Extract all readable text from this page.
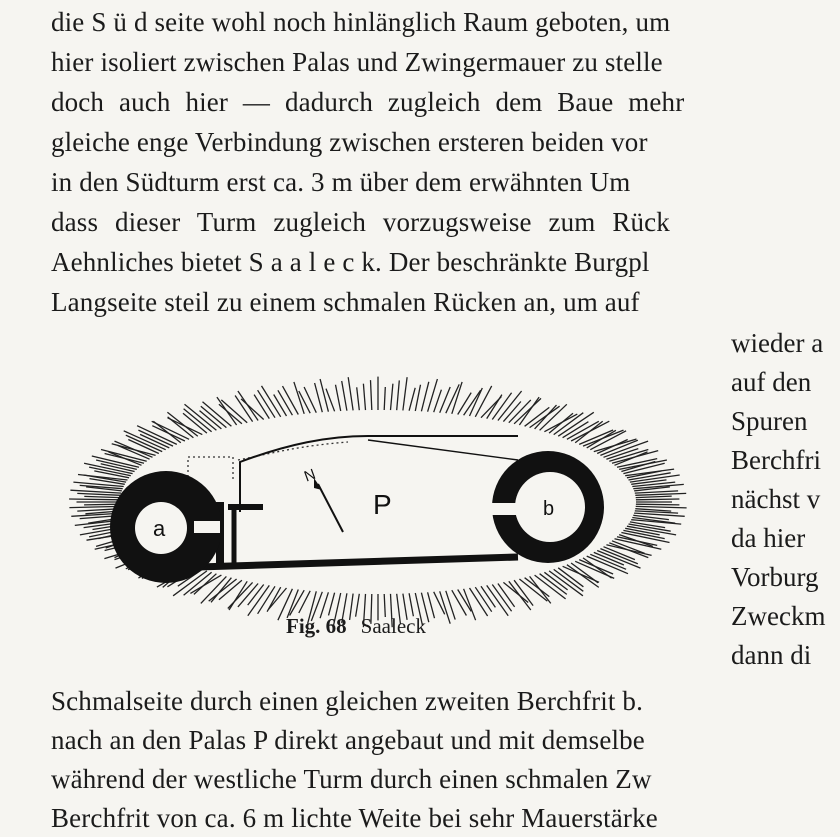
die S ü d seite wohl noch hinlänglich Raum geboten, um
hier isoliert zwischen Palas und Zwingermauer zu stelle
doch auch hier — dadurch zugleich dem Baue mehr
gleiche enge Verbindung zwischen ersteren beiden vor
in den Südturm erst ca. 3 m über dem erwähnten Um
dass dieser Turm zugleich vorzugsweise zum Rück
Aehnliches bietet S a a l e c k. Der beschränkte Burgpl
Langseite steil zu einem schmalen Rücken an, um auf
wieder a
auf den
Spuren
Berchfri
nächst v
da hier
Vorburg
Zweckm
dann di
a
b
P
N
Fig. 68 Saaleck
Schmalseite durch einen gleichen zweiten Berchfrit b.
nach an den Palas P direkt angebaut und mit demselbe
während der westliche Turm durch einen schmalen Zw
Berchfrit von ca. 6 m lichte Weite bei sehr Mauerstärke
